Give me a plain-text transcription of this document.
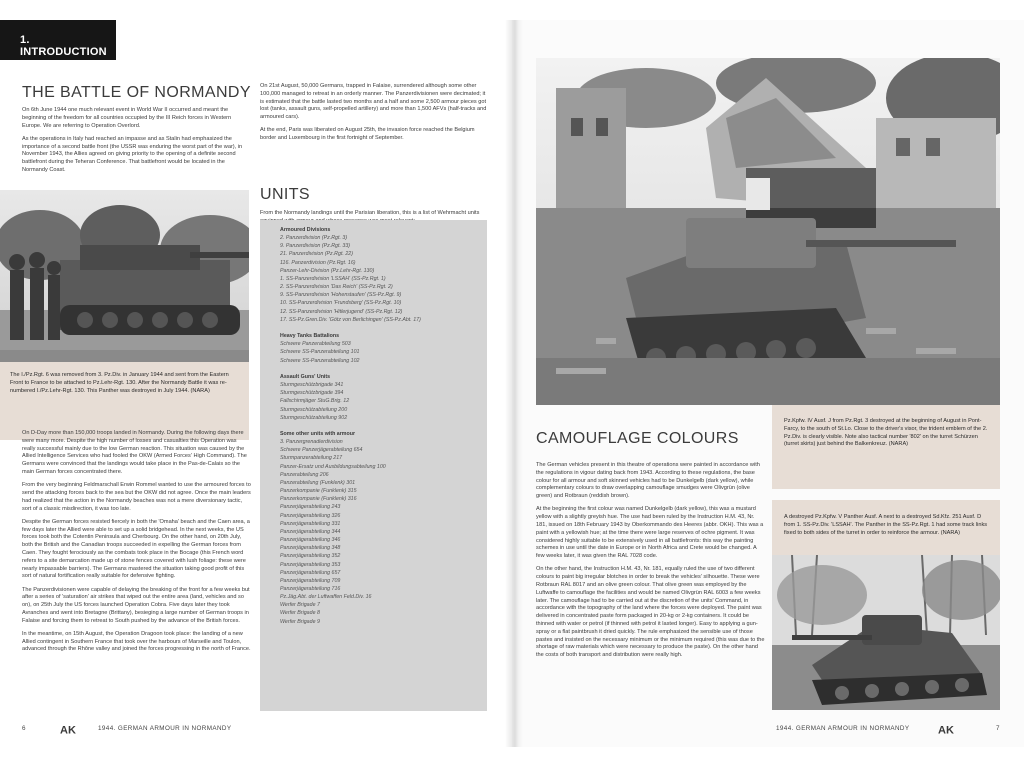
1. INTRODUCTION
THE BATTLE OF NORMANDY

On 6th June 1944 one much relevant event in World War II occurred and meant the beginning of the freedom for all countries occupied by the III Reich forces in Western Europe. We are referring to Operation Overlord.

As the operations in Italy had reached an impasse and as Stalin had emphasized the importance of a second battle front (the USSR was enduring the worst part of the war), in November 1943, the Allies agreed on giving priority to the opening of a definite second battlefront during the Teheran Conference. That battlefront would be located in the Normandy Coast.

The I./Pz.Rgt. 6 was removed from 3. Pz.Div. in January 1944 and sent from the Eastern Front to France to be attached to Pz.Lehr-Rgt. 130. After the Normandy Battle it was re-numbered I./Pz.Lehr-Rgt. 130. This Panther was destroyed in July 1944. (NARA)

On D-Day more than 150,000 troops landed in Normandy. During the following days there were many more. Despite the high number of losses and casualties this Operation was really successful mainly due to the low German reaction. This situation was caused by the Allied Intelligence Services who had fooled the OKW (Armed Forces' High Command). The Germans were convinced that the landings would take place in the Pas-de-Calais so the main German forces concentrated there.

From the very beginning Feldmarschall Erwin Rommel wanted to use the armoured forces to send the attacking forces back to the sea but the OKW did not agree. Once the main leaders had realized that the action in the Normandy beaches was not a mere diversionary tactic, sort of a classic misdirection, it was too late.

Despite the German forces resisted fiercely in both the 'Omaha' beach and the Caen area, a few days later the Allied were able to set up a solid bridgehead. In the next weeks, the US forces took both the Cotentin Peninsula and Cherbourg. On the other hand, on 20th July, both the British and the Canadian troops succeeded in expelling the German forces from Caen. They fought ferociously as the combats took place in the Bocage (this French word refers to a site demarcation made up of stone fences covered with lush foliage: these were nearly impassable barriers). The Germans mastered the situation taking good profit of this sort of natural fortification really suitable for defensive fighting.

The Panzerdivisionen were capable of delaying the breaking of the front for a few weeks but after a series of 'saturation' air strikes that wiped out the entire area (land, vehicles and so on), on 25th July the US forces launched Operation Cobra. Five days later they took Avranches and went into Bretagne (Brittany), besieging a large number of German troops in Falaise and forcing them to retreat to South pushed by the advance of the British forces.

In the meantime, on 15th August, the Operation Dragoon took place: the landing of a new Allied contingent in Southern France that took over the harbours of Marseille and Toulon, advanced through the Rhône valley and joined the forces progressing in the north of France.

On 21st August, 50,000 Germans, trapped in Falaise, surrendered although some other 100,000 managed to retreat in an orderly manner. The Panzerdivisionen were decimated; it is estimated that the battle lasted two months and a half and some 2,500 armour pieces got lost (tanks, assault guns, self-propelled artillery) and more than 1,500 AFVs (half-tracks and armoured cars).

At the end, Paris was liberated on August 25th, the invasion force reached the Belgium border and Luxembourg in the first fortnight of September.

UNITS

From the Normandy landings until the Parisian liberation, this is a list of Wehrmacht units

Armoured Divisions
2. Panzerdivision (Pz.Rgt. 3)
9. Panzerdivision (Pz.Rgt. 33)
21. Panzerdivision (Pz.Rgt. 22)
116. Panzerdivision (Pz.Rgt. 16)
Panzer-Lehr-Division (Pz.Lehr-Rgt. 130)
1. SS-Panzerdivision 'LSSAH' (SS-Pz.Rgt. 1)
2. SS-Panzerdivision 'Das Reich' (SS-Pz.Rgt. 2)
9. SS-Panzerdivision 'Hohenstaufen' (SS-Pz.Rgt. 9)
10. SS-Panzerdivision 'Frundsberg' (SS-Pz.Rgt. 10)
12. SS-Panzerdivision 'Hitlerjugend' (SS-Pz.Rgt. 12)
17. SS-Pz.Gren.Div. 'Götz von Berlichingen' (SS-Pz.Abt. 17)
Heavy Tanks Battalions
Schwere Panzerabteilung 503
Schwere SS-Panzerabteilung 101
Schwere SS-Panzerabteilung 102
Assault Guns' Units
Sturmgeschützbrigade 341
Sturmgeschützbrigade 394
Fallschirmjäger StuG.Brig. 12
Sturmgeschützabteilung 200
Sturmgeschützabteilung 902
Some other units with armour
3. Panzergrenadierdivision
Schwere Panzerjägerabteilung 654
Sturmpanzerabteilung 217
Panzer-Ersatz und Ausbildungsabteilung 100
Panzerabteilung 206
Panzerabteilung (Funklenk) 301
Panzerkompanie (Funklenk) 315
Panzerkompanie (Funklenk) 316
Panzerjägerabteilung 243
Panzerjägerabteilung 326
Panzerjägerabteilung 331
Panzerjägerabteilung 344
Panzerjägerabteilung 346
Panzerjägerabteilung 348
Panzerjägerabteilung 352
Panzerjägerabteilung 353
Panzerjägerabteilung 657
Panzerjägerabteilung 709
Panzerjägerabteilung 716
Pz.Jäg.Abt. der Luftwaffen Feld.Div. 16
Werfer Brigade 7
Werfer Brigade 8
Werfer Brigade 9
6	AK	1944. GERMAN ARMOUR IN NORMANDY
Pz.Kpfw. IV Ausf. J from Pz.Rgt. 3 destroyed at the beginning of August in Pont-Farcy, to the south of St.Lo. Close to the driver's visor, the trident emblem of the 2. Pz.Div. is clearly visible. Note also tactical number '802' on the turret Schürzen (turret skirts) just behind the Balkenkreuz. (NARA)
CAMOUFLAGE COLOURS

The German vehicles present in this theatre of operations were painted in accordance with the regulations in vigour dating back from 1943. According to these regulations, the base colour for all armour and soft skinned vehicles had to be Dunkelgelb (dark yellow), while complementary colours to draw overlapping camouflage smudges were Olivgrün (olive green) and Rotbraun (reddish brown).

At the beginning the first colour was named Dunkelgelb (dark yellow), this was a mustard yellow with a slightly greyish hue. The use had been ruled by the Instruction H.M. 43, Nr. 181, issued on 18th February 1943 by Oberkommando des Heeres (abbr. OKH). This was a paint with a yellowish hue; at the time there were large reserves of ochre pigment. It was considered highly suitable to be extensively used in all battlefronts: this way the painting schemes in use until the date in Europe or in North Africa and Crete would be changed. A few weeks later, it was given the RAL 7028 code.

On the other hand, the Instruction H.M. 43, Nr. 181, equally ruled the use of two different colours to paint big irregular blotches in order to break the vehicles' silhouette. These were Rotbraun RAL 8017 and an olive green colour. That olive green was employed by the Luftwaffe to camouflage the facilities and would be named Olivgrün RAL 6003 a few weeks later. The camouflage had to be carried out at the discretion of the units' Command, in accordance with the topography of the land where the forces were deployed. The paint was delivered in concentrated paste form packaged in 20-kg or 2-kg containers. It could be thinned with water or petrol (if thinned with petrol it lasted longer). Easy to applying a gun-spray or a flat paintbrush it dried quickly. The rule emphasized the sensible use of those pastes and insisted on the necessary minimum or the minimum required (this was due to the shortage of raw materials which were necessary to produce the paste). On the other hand the costs of both transport and distribution were really high.

A destroyed Pz.Kpfw. V Panther Ausf. A next to a destroyed Sd.Kfz. 251 Ausf. D from 1. SS-Pz.Div. 'LSSAH'. The Panther in the SS-Pz.Rgt. 1 had some track links fixed to both sides of the turret in order to reinforce the armour. (NARA)
1944. GERMAN ARMOUR IN NORMANDY	AK	7
